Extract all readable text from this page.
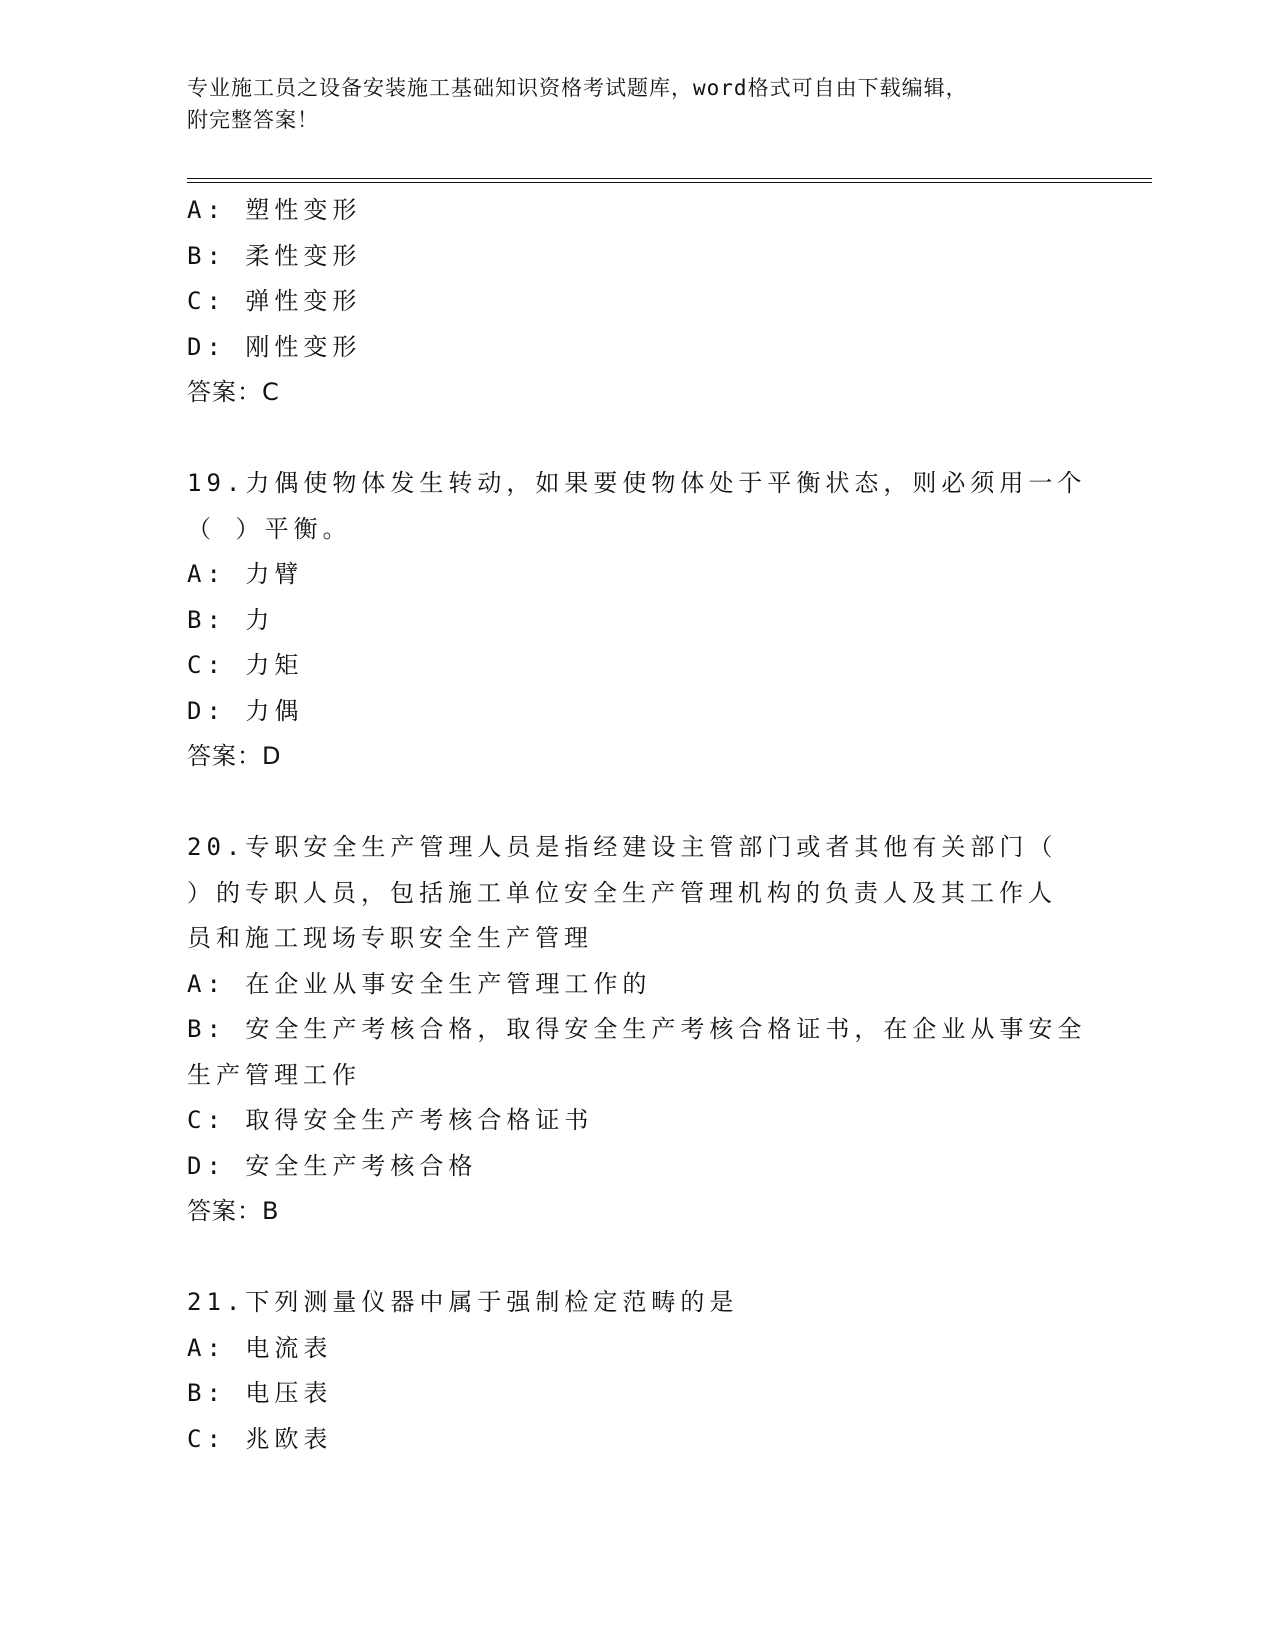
专业施工员之设备安装施工基础知识资格考试题库，word格式可自由下载编辑，
附完整答案！
A: 塑性变形
B: 柔性变形
C: 弹性变形
D: 刚性变形
答案：C
19.力偶使物体发生转动，如果要使物体处于平衡状态，则必须用一个
（ ）平衡。
A: 力臂
B: 力
C: 力矩
D: 力偶
答案：D
20.专职安全生产管理人员是指经建设主管部门或者其他有关部门（
）的专职人员，包括施工单位安全生产管理机构的负责人及其工作人
员和施工现场专职安全生产管理
A: 在企业从事安全生产管理工作的
B: 安全生产考核合格，取得安全生产考核合格证书，在企业从事安全
生产管理工作
C: 取得安全生产考核合格证书
D: 安全生产考核合格
答案：B
21.下列测量仪器中属于强制检定范畴的是
A: 电流表
B: 电压表
C: 兆欧表
